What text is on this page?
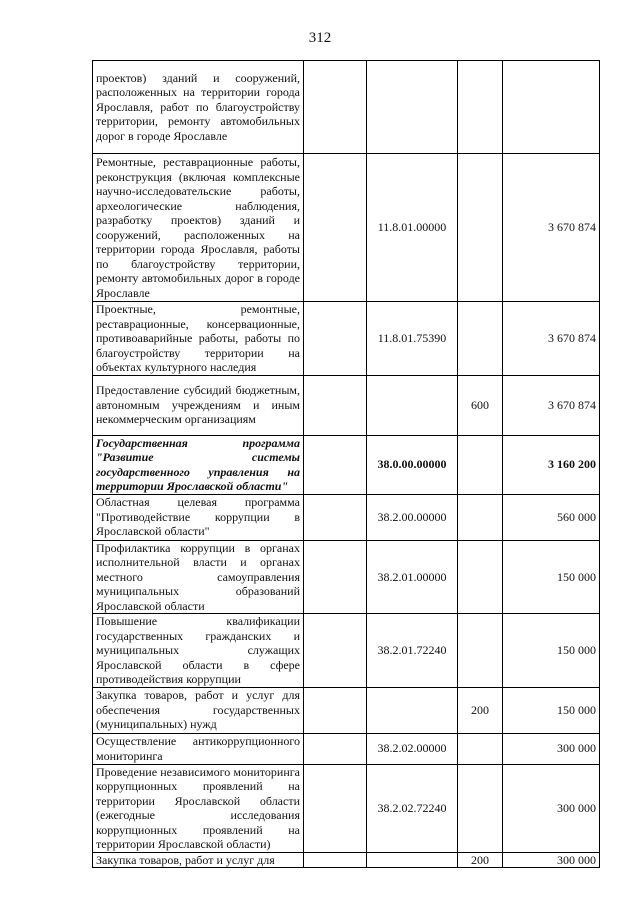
312
проектов) зданий и сооружений, расположенных на территории города Ярославля, работ по благоустройству территории, ремонту автомобильных дорог в городе Ярославле				
Ремонтные, реставрационные работы, реконструкция (включая комплексные научно-исследовательские работы, археологические наблюдения, разработку проектов) зданий и сооружений, расположенных на территории города Ярославля, работы по благоустройству территории, ремонту автомобильных дорог в городе Ярославле		11.8.01.00000		3 670 874
Проектные, ремонтные, реставрационные, консервационные, противоаварийные работы, работы по благоустройству территории на объектах культурного наследия		11.8.01.75390		3 670 874
Предоставление субсидий бюджетным, автономным учреждениям и иным некоммерческим организациям			600	3 670 874
Государственная программа "Развитие системы государственного управления на территории Ярославской области"		38.0.00.00000		3 160 200
Областная целевая программа "Противодействие коррупции в Ярославской области"		38.2.00.00000		560 000
Профилактика коррупции в органах исполнительной власти и органах местного самоуправления муниципальных образований Ярославской области		38.2.01.00000		150 000
Повышение квалификации государственных гражданских и муниципальных служащих Ярославской области в сфере противодействия коррупции		38.2.01.72240		150 000
Закупка товаров, работ и услуг для обеспечения государственных (муниципальных) нужд			200	150 000
Осуществление антикоррупционного мониторинга		38.2.02.00000		300 000
Проведение независимого мониторинга коррупционных проявлений на территории Ярославской области (ежегодные исследования коррупционных проявлений на территории Ярославской области)		38.2.02.72240		300 000
Закупка товаров, работ и услуг для			200	300 000
